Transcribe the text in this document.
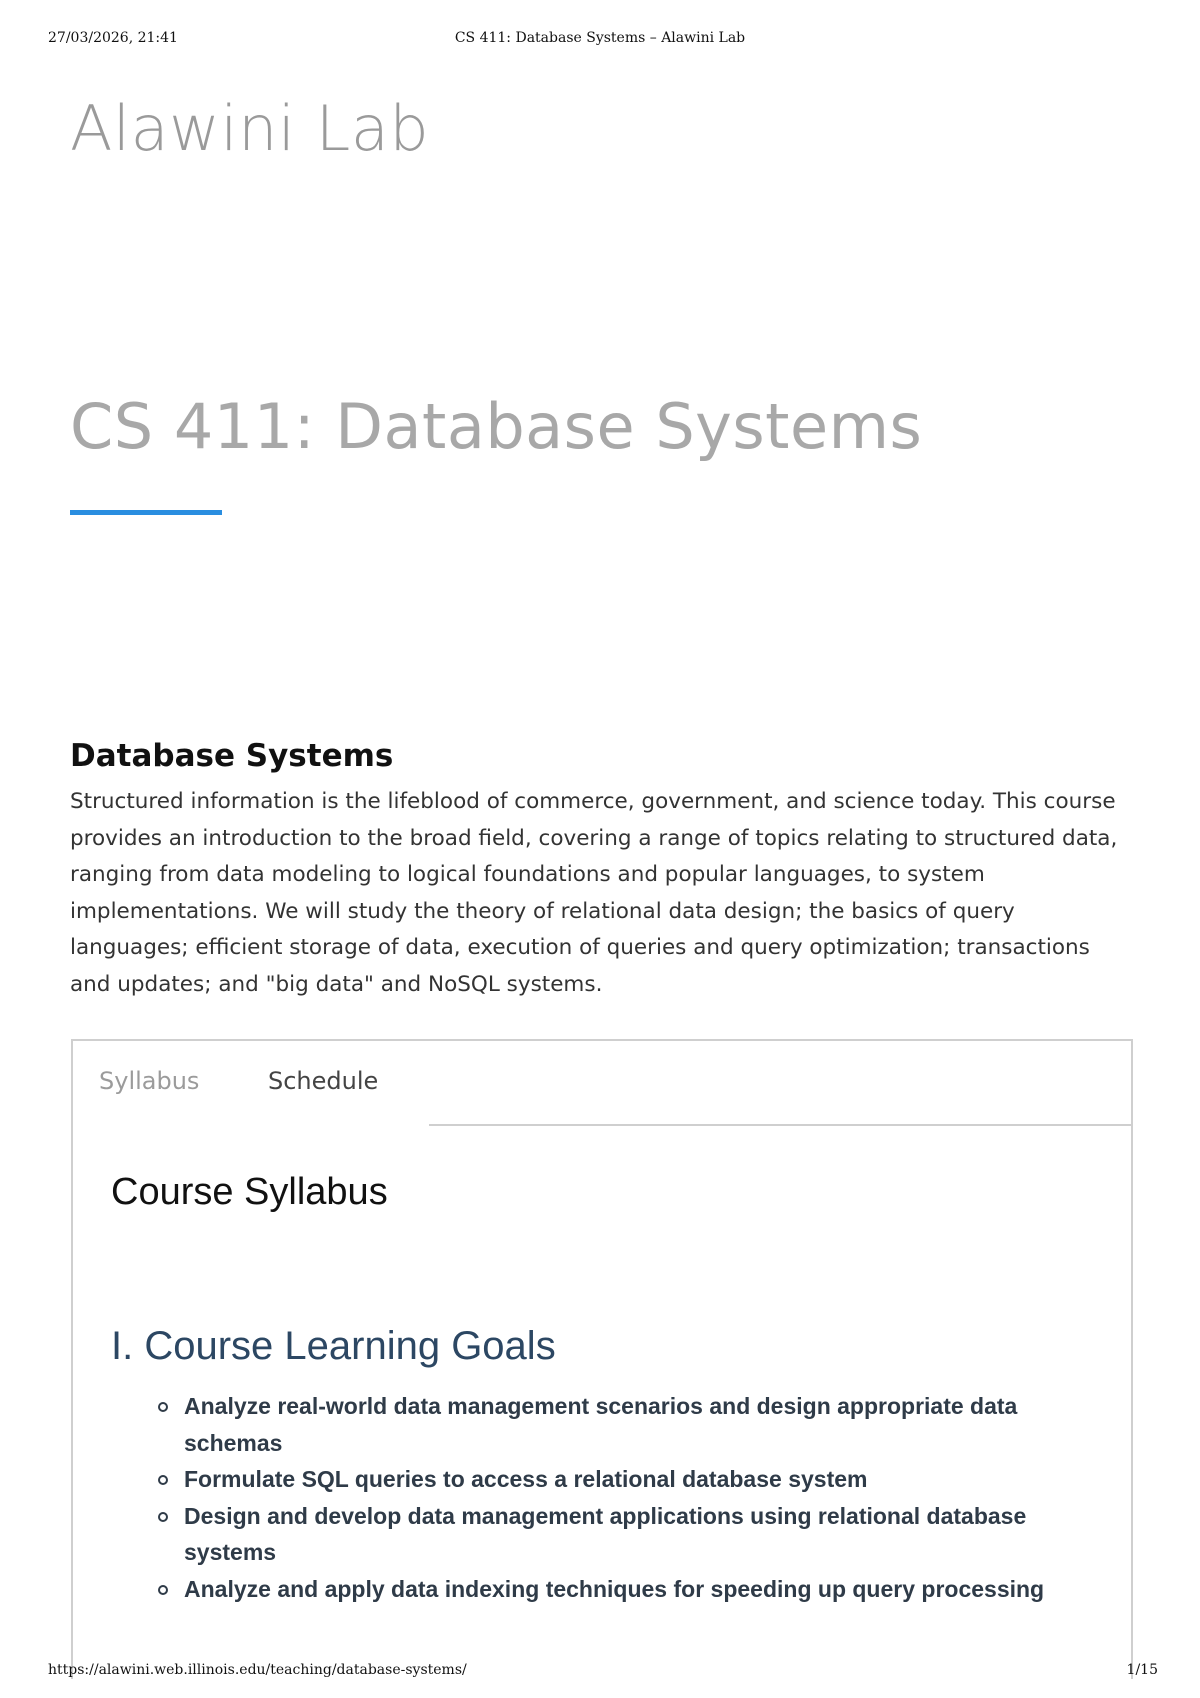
27/03/2026, 21:41	CS 411: Database Systems – Alawini Lab
Alawini Lab
CS 411: Database Systems
Database Systems

Structured information is the lifeblood of commerce, government, and science today. This course provides an introduction to the broad field, covering a range of topics relating to structured data, ranging from data modeling to logical foundations and popular languages, to system implementations. We will study the theory of relational data design; the basics of query languages; efficient storage of data, execution of queries and query optimization; transactions and updates; and "big data" and NoSQL systems.

Syllabus	Schedule
Course Syllabus
I. Course Learning Goals
Analyze real-world data management scenarios and design appropriate data schemas
Formulate SQL queries to access a relational database system
Design and develop data management applications using relational database systems
Analyze and apply data indexing techniques for speeding up query processing
https://alawini.web.illinois.edu/teaching/database-systems/	1/15
